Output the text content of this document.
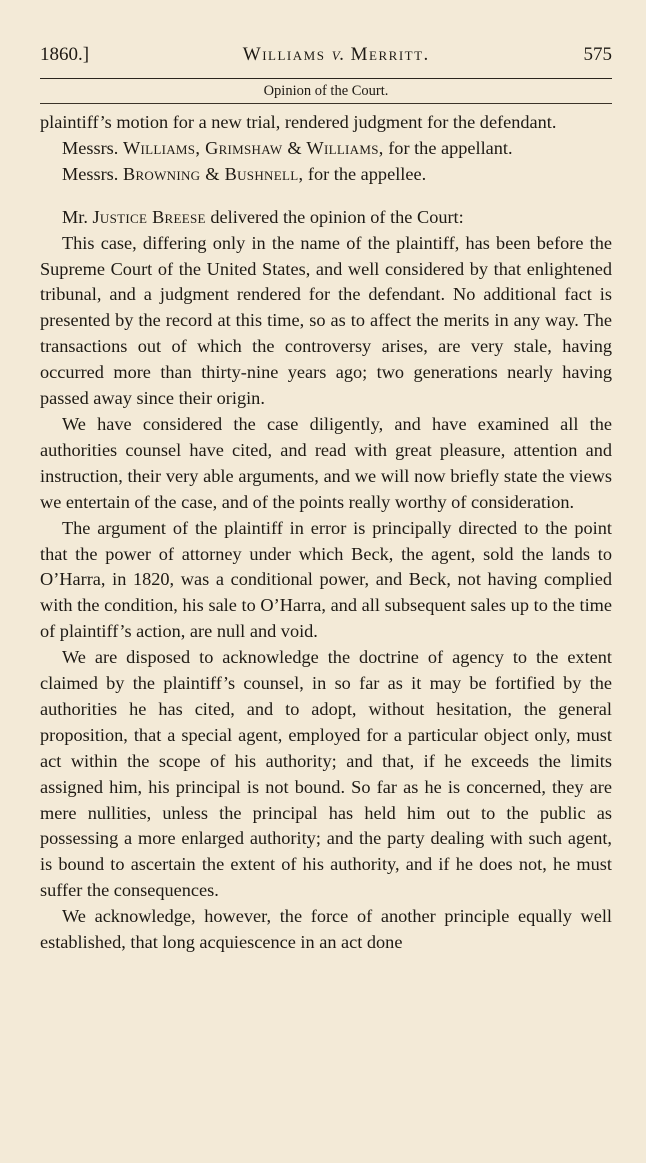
1860.]	Williams v. Merritt.	575
Opinion of the Court.

plaintiff’s motion for a new trial, rendered judgment for the defendant.

Messrs. Williams, Grimshaw & Williams, for the appellant.

Messrs. Browning & Bushnell, for the appellee.

Mr. Justice Breese delivered the opinion of the Court:

This case, differing only in the name of the plaintiff, has been before the Supreme Court of the United States, and well considered by that enlightened tribunal, and a judgment rendered for the defendant. No additional fact is presented by the record at this time, so as to affect the merits in any way. The transactions out of which the controversy arises, are very stale, having occurred more than thirty-nine years ago; two generations nearly having passed away since their origin.

We have considered the case diligently, and have examined all the authorities counsel have cited, and read with great pleasure, attention and instruction, their very able arguments, and we will now briefly state the views we entertain of the case, and of the points really worthy of consideration.

The argument of the plaintiff in error is principally directed to the point that the power of attorney under which Beck, the agent, sold the lands to O’Harra, in 1820, was a conditional power, and Beck, not having complied with the condition, his sale to O’Harra, and all subsequent sales up to the time of plaintiff’s action, are null and void.

We are disposed to acknowledge the doctrine of agency to the extent claimed by the plaintiff’s counsel, in so far as it may be fortified by the authorities he has cited, and to adopt, without hesitation, the general proposition, that a special agent, employed for a particular object only, must act within the scope of his authority; and that, if he exceeds the limits assigned him, his principal is not bound. So far as he is concerned, they are mere nullities, unless the principal has held him out to the public as possessing a more enlarged authority; and the party dealing with such agent, is bound to ascertain the extent of his authority, and if he does not, he must suffer the consequences.

We acknowledge, however, the force of another principle equally well established, that long acquiescence in an act done
